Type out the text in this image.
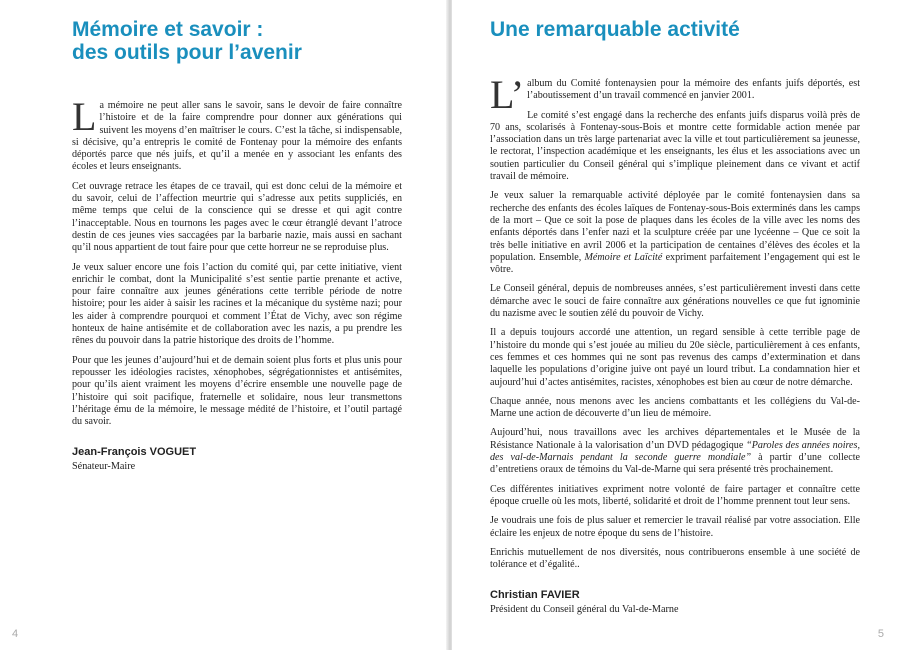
Mémoire et savoir :
des outils pour l’avenir

La mémoire ne peut aller sans le savoir, sans le devoir de faire connaître l’histoire et de la faire comprendre pour donner aux générations qui suivent les moyens d’en maîtriser le cours. C’est la tâche, si indispensable, si décisive, qu’a entrepris le comité de Fontenay pour la mémoire des enfants déportés parce que nés juifs, et qu’il a menée en y associant les enfants des écoles et leurs enseignants.

Cet ouvrage retrace les étapes de ce travail, qui est donc celui de la mémoire et du savoir, celui de l’affection meurtrie qui s’adresse aux petits suppliciés, en même temps que celui de la conscience qui se dresse et qui agit contre l’inacceptable. Nous en tournons les pages avec le cœur étranglé devant l’atroce destin de ces jeunes vies saccagées par la barbarie nazie, mais aussi en sachant qu’il nous appartient de tout faire pour que cette horreur ne se reproduise plus.

Je veux saluer encore une fois l’action du comité qui, par cette initiative, vient enrichir le combat, dont la Municipalité s’est sentie partie prenante et active, pour faire connaître aux jeunes générations cette terrible période de notre histoire; pour les aider à saisir les racines et la mécanique du système nazi; pour les aider à comprendre pourquoi et comment l’État de Vichy, avec son régime honteux de haine antisémite et de collaboration avec les nazis, a pu prendre les rênes du pouvoir dans la patrie historique des droits de l’homme.

Pour que les jeunes d’aujourd’hui et de demain soient plus forts et plus unis pour repousser les idéologies racistes, xénophobes, ségrégationnistes et antisémites, pour qu’ils aient vraiment les moyens d’écrire ensemble une nouvelle page de l’histoire qui soit pacifique, fraternelle et solidaire, nous leur transmettons l’héritage ému de la mémoire, le message médité de l’histoire, et l’outil partagé du savoir.

Jean-François VOGUET
Sénateur-Maire
4
Une remarquable activité

L’ album du Comité fontenaysien pour la mémoire des enfants juifs déportés, est l’aboutissement d’un travail commencé en janvier 2001.

Le comité s’est engagé dans la recherche des enfants juifs disparus voilà près de 70 ans, scolarisés à Fontenay-sous-Bois et montre cette formidable action menée par l’association dans un très large partenariat avec la ville et tout particulièrement sa jeunesse, le rectorat, l’inspection académique et les enseignants, les élus et les associations avec un soutien particulier du Conseil général qui s’implique pleinement dans ce vivant et actif travail de mémoire.

Je veux saluer la remarquable activité déployée par le comité fontenaysien dans sa recherche des enfants des écoles laïques de Fontenay-sous-Bois exterminés dans les camps de la mort – Que ce soit la pose de plaques dans les écoles de la ville avec les noms des enfants déportés dans l’enfer nazi et la sculpture créée par une lycéenne – Que ce soit la très belle initiative en avril 2006 et la participation de centaines d’élèves des écoles et la population. Ensemble, Mémoire et Laïcité expriment parfaitement l’engagement qui est le vôtre.

Le Conseil général, depuis de nombreuses années, s’est particulièrement investi dans cette démarche avec le souci de faire connaître aux générations nouvelles ce que fut ignominie du nazisme avec le soutien zélé du pouvoir de Vichy.

Il a depuis toujours accordé une attention, un regard sensible à cette terrible page de l’histoire du monde qui s’est jouée au milieu du 20e siècle, particulièrement à ces enfants, ces femmes et ces hommes qui ne sont pas revenus des camps d’extermination et dans laquelle les populations d’origine juive ont payé un lourd tribut. La condamnation hier et aujourd’hui d’actes antisémites, racistes, xénophobes est bien au cœur de notre démarche.

Chaque année, nous menons avec les anciens combattants et les collégiens du Val-de-Marne une action de découverte d’un lieu de mémoire.

Aujourd’hui, nous travaillons avec les archives départementales et le Musée de la Résistance Nationale à la valorisation d’un DVD pédagogique “Paroles des années noires, des val-de-Marnais pendant la seconde guerre mondiale” à partir d’une collecte d’entretiens oraux de témoins du Val-de-Marne qui sera présenté très prochainement.

Ces différentes initiatives expriment notre volonté de faire partager et connaître cette époque cruelle où les mots, liberté, solidarité et droit de l’homme prennent tout leur sens.

Je voudrais une fois de plus saluer et remercier le travail réalisé par votre association. Elle éclaire les enjeux de notre époque du sens de l’histoire.

Enrichis mutuellement de nos diversités, nous contribuerons ensemble à une société de tolérance et d’égalité..

Christian FAVIER
Président du Conseil général du Val-de-Marne
5
